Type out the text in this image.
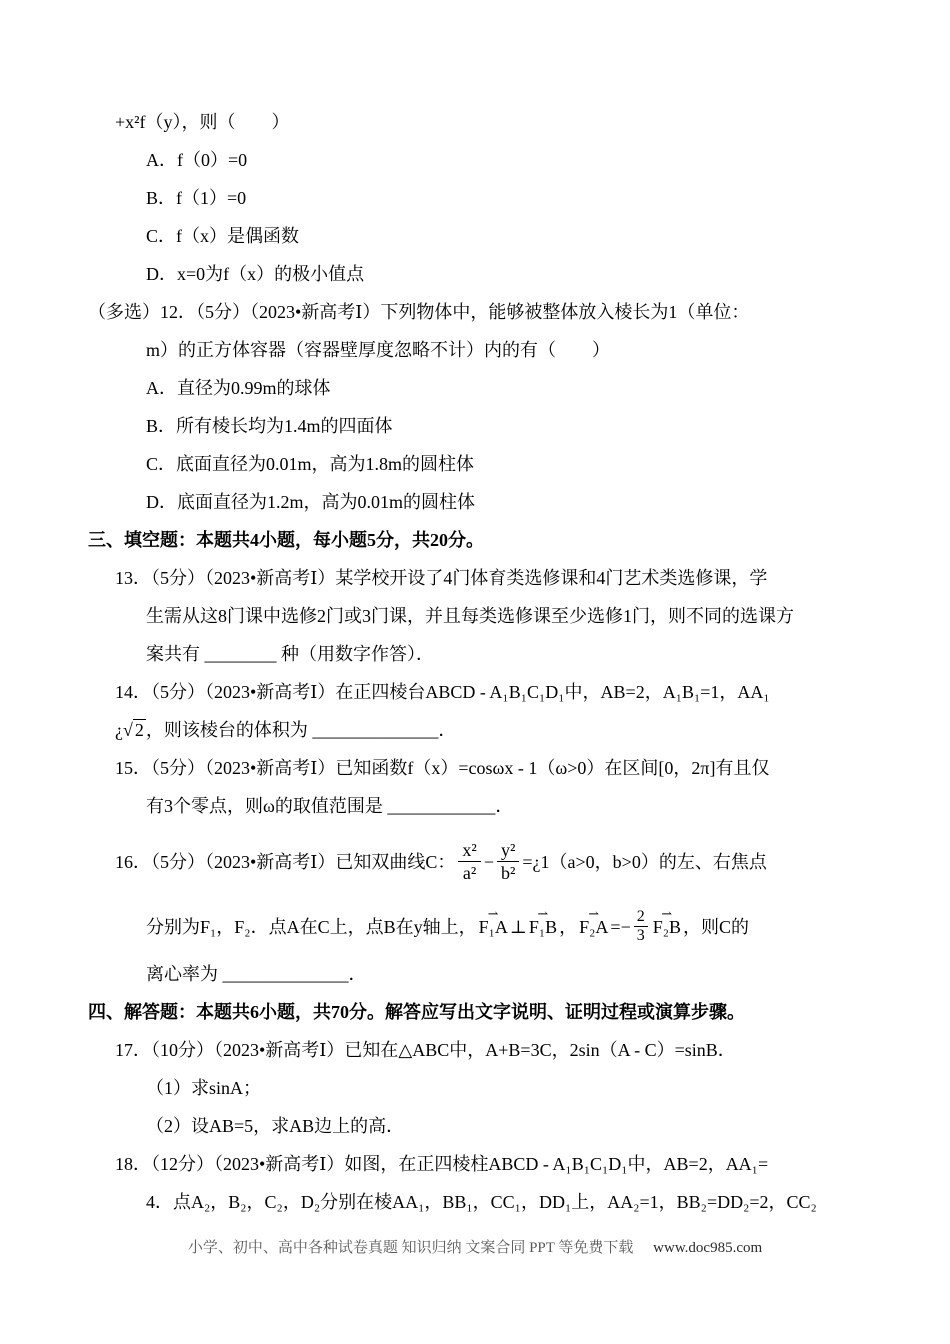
+x²f（y），则（　　）
A．f（0）=0
B．f（1）=0
C．f（x）是偶函数
D．x=0为f（x）的极小值点
（多选）12．（5分）（2023•新高考Ⅰ）下列物体中，能够被整体放入棱长为1（单位：
m）的正方体容器（容器壁厚度忽略不计）内的有（　　）
A．直径为0.99m的球体
B．所有棱长均为1.4m的四面体
C．底面直径为0.01m，高为1.8m的圆柱体
D．底面直径为1.2m，高为0.01m的圆柱体
三、填空题：本题共4小题，每小题5分，共20分。
13．（5分）（2023•新高考Ⅰ）某学校开设了4门体育类选修课和4门艺术类选修课，学
生需从这8门课中选修2门或3门课，并且每类选修课至少选修1门，则不同的选课方
案共有 ________ 种（用数字作答）．
14．（5分）（2023•新高考Ⅰ）在正四棱台ABCD - A₁B₁C₁D₁中，AB=2，A₁B₁=1，AA₁
¿√ 2 ，则该棱台的体积为 ______________．
15．（5分）（2023•新高考Ⅰ）已知函数f（x）=cosωx - 1（ω>0）在区间[0，2π]有且仅
有3个零点，则ω的取值范围是 ____________．
16．（5分）（2023•新高考Ⅰ）已知双曲线C： $\frac{\text{x²}}{\text{a²}} - \frac{\text{y²}}{\text{b²}}$ =¿1（a>0，b>0）的左、右焦点
分别为F₁，F₂．点A在C上，点B在y轴上，
⇀
F₁A ⊥
⇀
F₁B ，
⇀
$F_2A =- \frac{2}{3}$	⇀
F₂B ，则C的
离心率为 ______________．
四、解答题：本题共6小题，共70分。解答应写出文字说明、证明过程或演算步骤。
17．（10分）（2023•新高考Ⅰ）已知在△ABC中，A+B=3C，2sin（A - C）=sinB．
（1）求sinA；
（2）设AB=5，求AB边上的高．
18．（12分）（2023•新高考Ⅰ）如图，在正四棱柱ABCD - A₁B₁C₁D₁中，AB=2，AA₁=
4．点A₂，B₂，C₂，D₂分别在棱AA₁，BB₁，CC₁，DD₁上，AA₂=1，BB₂=DD₂=2，CC₂
小学、初中、高中各种试卷真题 知识归纳 文案合同 PPT 等免费下载 www.doc985.com
